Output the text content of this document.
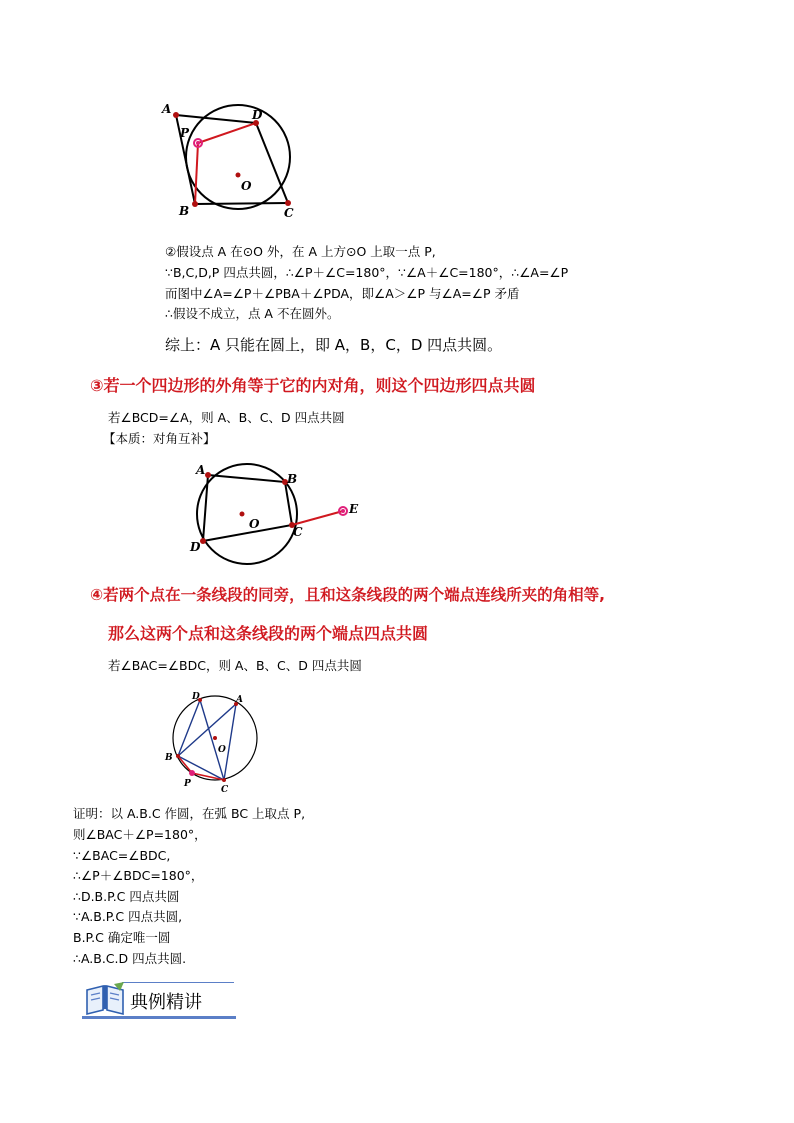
A
P
D
O
B	C
②假设点 A 在⊙O 外，在 A 上方⊙O 上取一点 P,
∵B,C,D,P 四点共圆，∴∠P＋∠C=180°，∵∠A＋∠C=180°，∴∠A=∠P
而图中∠A=∠P＋∠PBA＋∠PDA，即∠A＞∠P 与∠A=∠P 矛盾
∴假设不成立，点 A 不在圆外。
综上：A 只能在圆上，即 A，B，C，D 四点共圆。
③若一个四边形的外角等于它的内对角，则这个四边形四点共圆
若∠BCD=∠A，则 A、B、C、D 四点共圆
【本质：对角互补】
A
B
O
C
D
E
④若两个点在一条线段的同旁，且和这条线段的两个端点连线所夹的角相等,
那么这两个点和这条线段的两个端点四点共圆
若∠BAC=∠BDC，则 A、B、C、D 四点共圆
D	A
O
B
P
C
证明：以 A.B.C 作圆，在弧 BC 上取点 P,
则∠BAC＋∠P=180°，
∵∠BAC=∠BDC,
∴∠P＋∠BDC=180°，
∴D.B.P.C 四点共圆
∵A.B.P.C 四点共圆,
B.P.C 确定唯一圆
∴A.B.C.D 四点共圆.
典例精讲
